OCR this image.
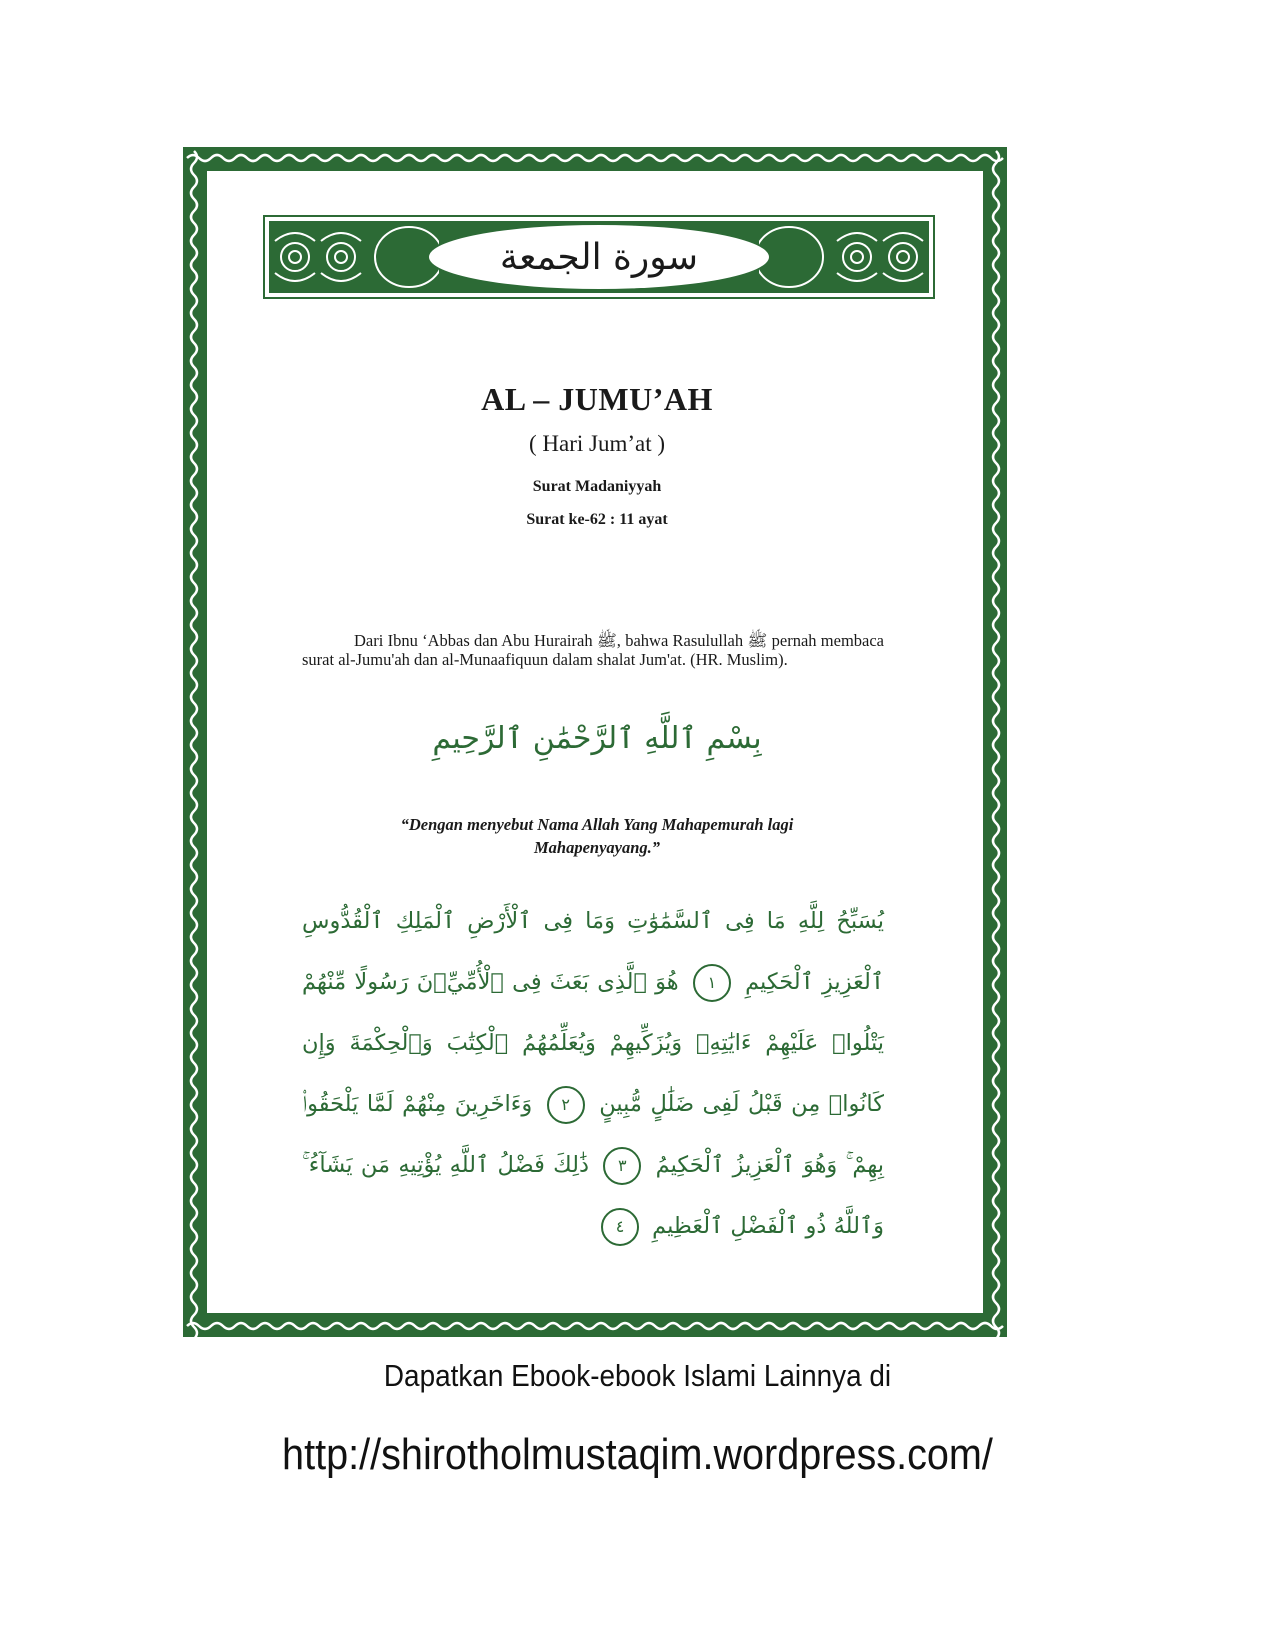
سورة الجمعة
AL – JUMU’AH
( Hari Jum’at )
Surat Madaniyyah
Surat ke-62 : 11 ayat
Dari Ibnu ‘Abbas dan Abu Hurairah ﷺ, bahwa Rasulullah ﷺ pernah membaca surat al-Jumu'ah dan al-Munaafiquun dalam shalat Jum'at. (HR. Muslim).
بِسْمِ ٱللَّهِ ٱلرَّحْمَٰنِ ٱلرَّحِيمِ
“Dengan menyebut Nama Allah Yang Mahapemurah lagi Mahapenyayang.”
يُسَبِّحُ لِلَّهِ مَا فِى ٱلسَّمَٰوَٰتِ وَمَا فِى ٱلْأَرْضِ ٱلْمَلِكِ ٱلْقُدُّوسِ ٱلْعَزِيزِ ٱلْحَكِيمِ ١ هُوَ ٱلَّذِى بَعَثَ فِى ٱلْأُمِّيِّۦنَ رَسُولًا مِّنْهُمْ يَتْلُوا۟ عَلَيْهِمْ ءَايَٰتِهِۦ وَيُزَكِّيهِمْ وَيُعَلِّمُهُمُ ٱلْكِتَٰبَ وَٱلْحِكْمَةَ وَإِن كَانُوا۟ مِن قَبْلُ لَفِى ضَلَٰلٍ مُّبِينٍ ٢ وَءَاخَرِينَ مِنْهُمْ لَمَّا يَلْحَقُوا۟ بِهِمْ ۚ وَهُوَ ٱلْعَزِيزُ ٱلْحَكِيمُ ٣ ذَٰلِكَ فَضْلُ ٱللَّهِ يُؤْتِيهِ مَن يَشَآءُ ۚ وَٱللَّهُ ذُو ٱلْفَضْلِ ٱلْعَظِيمِ ٤
Dapatkan Ebook-ebook Islami Lainnya di
http://shirotholmustaqim.wordpress.com/
